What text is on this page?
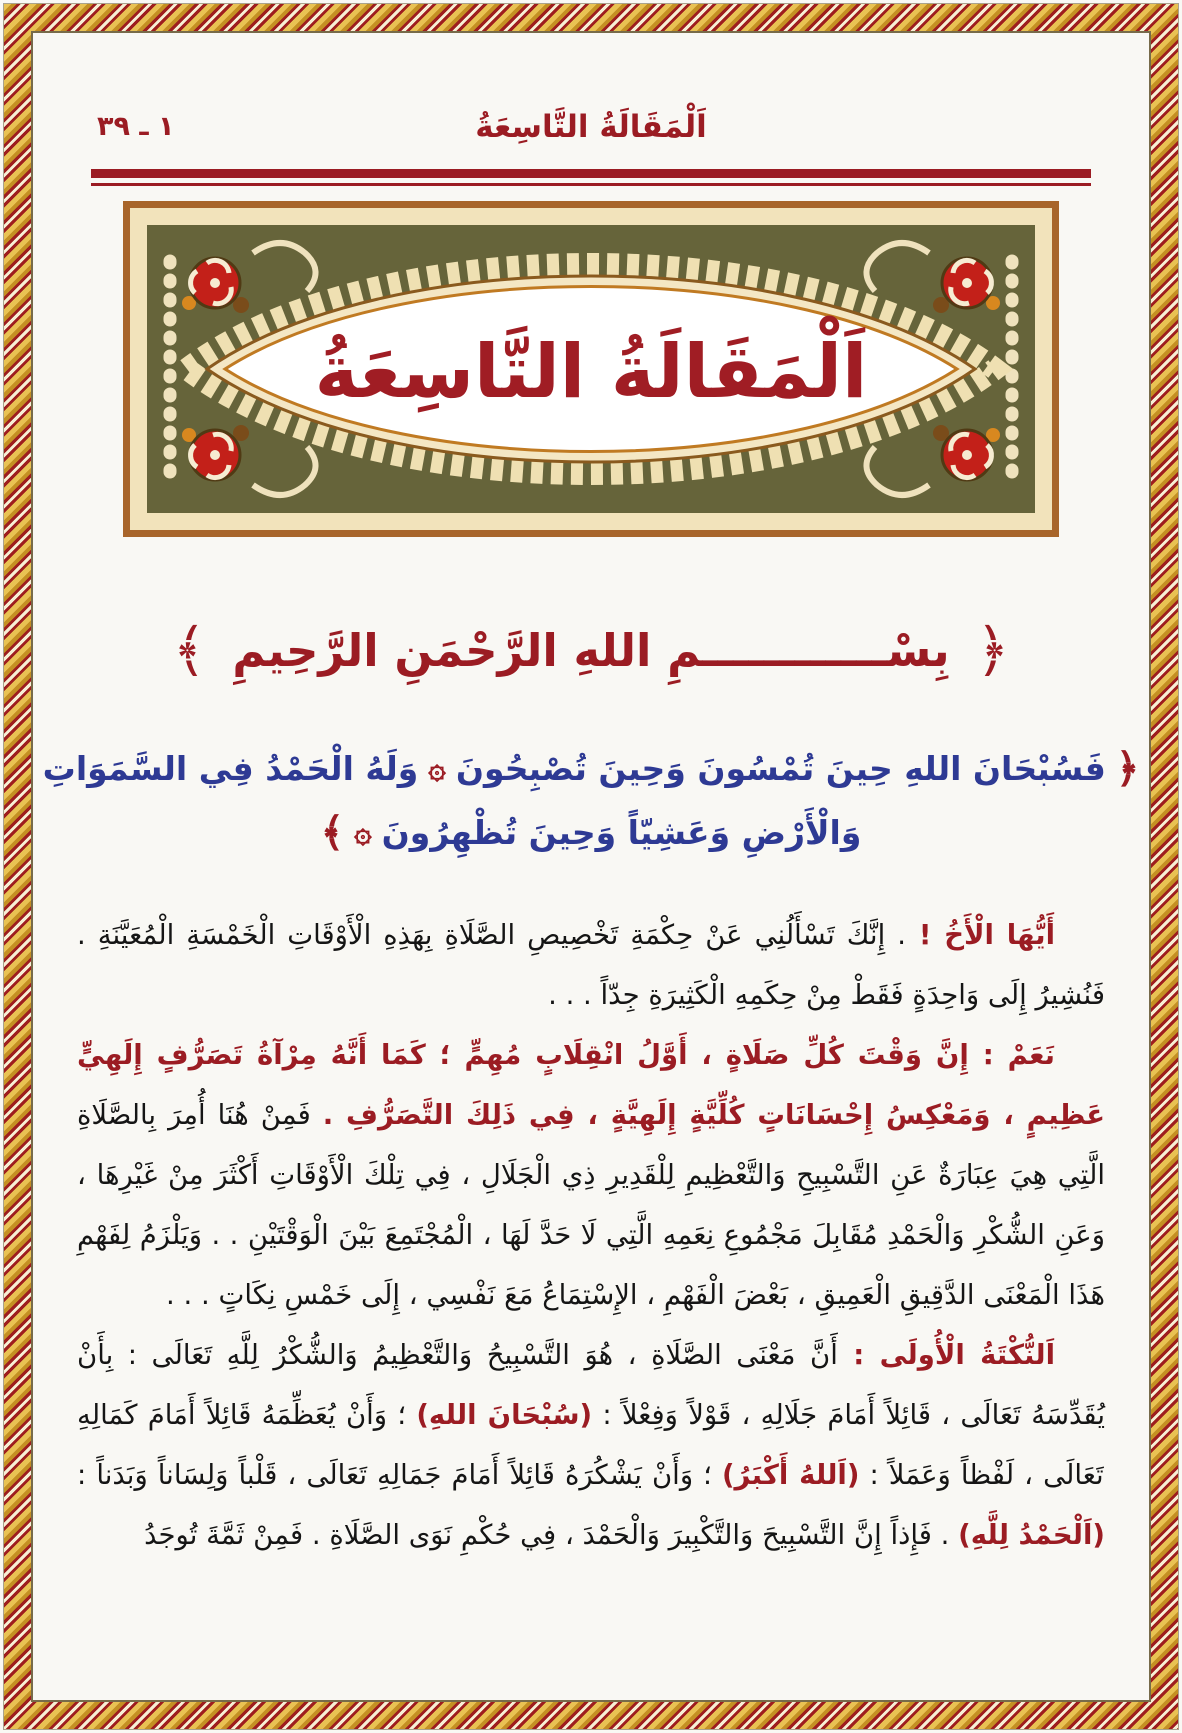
١ ـ ٣٩	اَلْمَقَالَةُ التَّاسِعَةُ
اَلْمَقَالَةُ التَّاسِعَةُ
﴿
بِسْــــــــــــمِ اللهِ الرَّحْمَنِ الرَّحِيمِ
﴾
﴿
فَسُبْحَانَ اللهِ حِينَ تُمْسُونَ وَحِينَ تُصْبِحُونَ
۞
وَلَهُ الْحَمْدُ فِي السَّمَوَاتِ
وَالْأَرْضِ وَعَشِيّاً وَحِينَ تُظْهِرُونَ
۞
﴾

أَيُّهَا الْأَخُ ! . إِنَّكَ تَسْأَلُنِي عَنْ حِكْمَةِ تَخْصِيصِ الصَّلَاةِ بِهَذِهِ الْأَوْقَاتِ الْخَمْسَةِ الْمُعَيَّنَةِ . فَنُشِيرُ إِلَى وَاحِدَةٍ فَقَطْ مِنْ حِكَمِهِ الْكَثِيرَةِ جِدّاً . . .

نَعَمْ : إِنَّ وَقْتَ كُلِّ صَلَاةٍ ، أَوَّلُ انْقِلَابٍ مُهِمٍّ ؛ كَمَا أَنَّهُ مِرْآةُ تَصَرُّفٍ إِلَهِيٍّ عَظِيمٍ ، وَمَعْكِسُ إِحْسَانَاتٍ كُلِّيَّةٍ إِلَهِيَّةٍ ، فِي ذَلِكَ التَّصَرُّفِ . فَمِنْ هُنَا أُمِرَ بِالصَّلَاةِ الَّتِي هِيَ عِبَارَةٌ عَنِ التَّسْبِيحِ وَالتَّعْظِيمِ لِلْقَدِيرِ ذِي الْجَلَالِ ، فِي تِلْكَ الْأَوْقَاتِ أَكْثَرَ مِنْ غَيْرِهَا ، وَعَنِ الشُّكْرِ وَالْحَمْدِ مُقَابِلَ مَجْمُوعِ نِعَمِهِ الَّتِي لَا حَدَّ لَهَا ، الْمُجْتَمِعَ بَيْنَ الْوَقْتَيْنِ . . وَيَلْزَمُ لِفَهْمِ هَذَا الْمَعْنَى الدَّقِيقِ الْعَمِيقِ ، بَعْضَ الْفَهْمِ ، الإِسْتِمَاعُ مَعَ نَفْسِي ، إِلَى خَمْسِ نِكَاتٍ . . .

اَلنُّكْتَةُ الْأُولَى : أَنَّ مَعْنَى الصَّلَاةِ ، هُوَ التَّسْبِيحُ وَالتَّعْظِيمُ وَالشُّكْرُ لِلَّهِ تَعَالَى : بِأَنْ يُقَدِّسَهُ تَعَالَى ، قَائِلاً أَمَامَ جَلَالِهِ ، قَوْلاً وَفِعْلاً : (سُبْحَانَ اللهِ) ؛ وَأَنْ يُعَظِّمَهُ قَائِلاً أَمَامَ كَمَالِهِ تَعَالَى ، لَفْظاً وَعَمَلاً : (اَللهُ أَكْبَرُ) ؛ وَأَنْ يَشْكُرَهُ قَائِلاً أَمَامَ جَمَالِهِ تَعَالَى ، قَلْباً وَلِسَاناً وَبَدَناً : (اَلْحَمْدُ لِلَّهِ) . فَإِذاً إِنَّ التَّسْبِيحَ وَالتَّكْبِيرَ وَالْحَمْدَ ، فِي حُكْمِ نَوَى الصَّلَاةِ . فَمِنْ ثَمَّةَ تُوجَدُ
